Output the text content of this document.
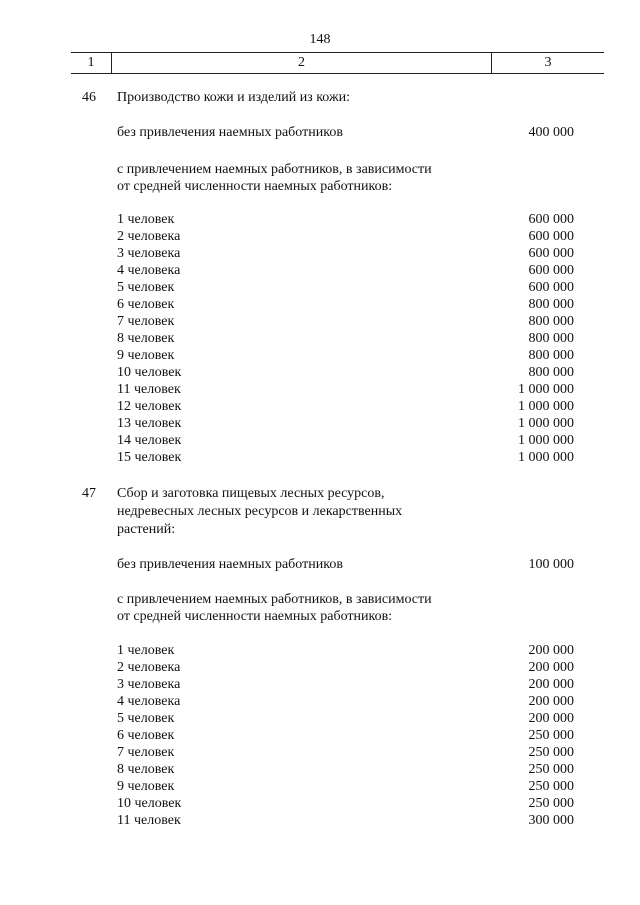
148
1	2	3
46 Производство кожи и изделий из кожи:
без привлечения наемных работников	400 000
с привлечением наемных работников, в зависимости
от средней численности наемных работников:
1 человек	600 000
2 человека	600 000
3 человека	600 000
4 человека	600 000
5 человек	600 000
6 человек	800 000
7 человек	800 000
8 человек	800 000
9 человек	800 000
10 человек	800 000
11 человек	1 000 000
12 человек	1 000 000
13 человек	1 000 000
14 человек	1 000 000
15 человек	1 000 000
47 Сбор и заготовка пищевых лесных ресурсов,
недревесных лесных ресурсов и лекарственных
растений:
без привлечения наемных работников	100 000
с привлечением наемных работников, в зависимости
от средней численности наемных работников:
1 человек	200 000
2 человека	200 000
3 человека	200 000
4 человека	200 000
5 человек	200 000
6 человек	250 000
7 человек	250 000
8 человек	250 000
9 человек	250 000
10 человек	250 000
11 человек	300 000
